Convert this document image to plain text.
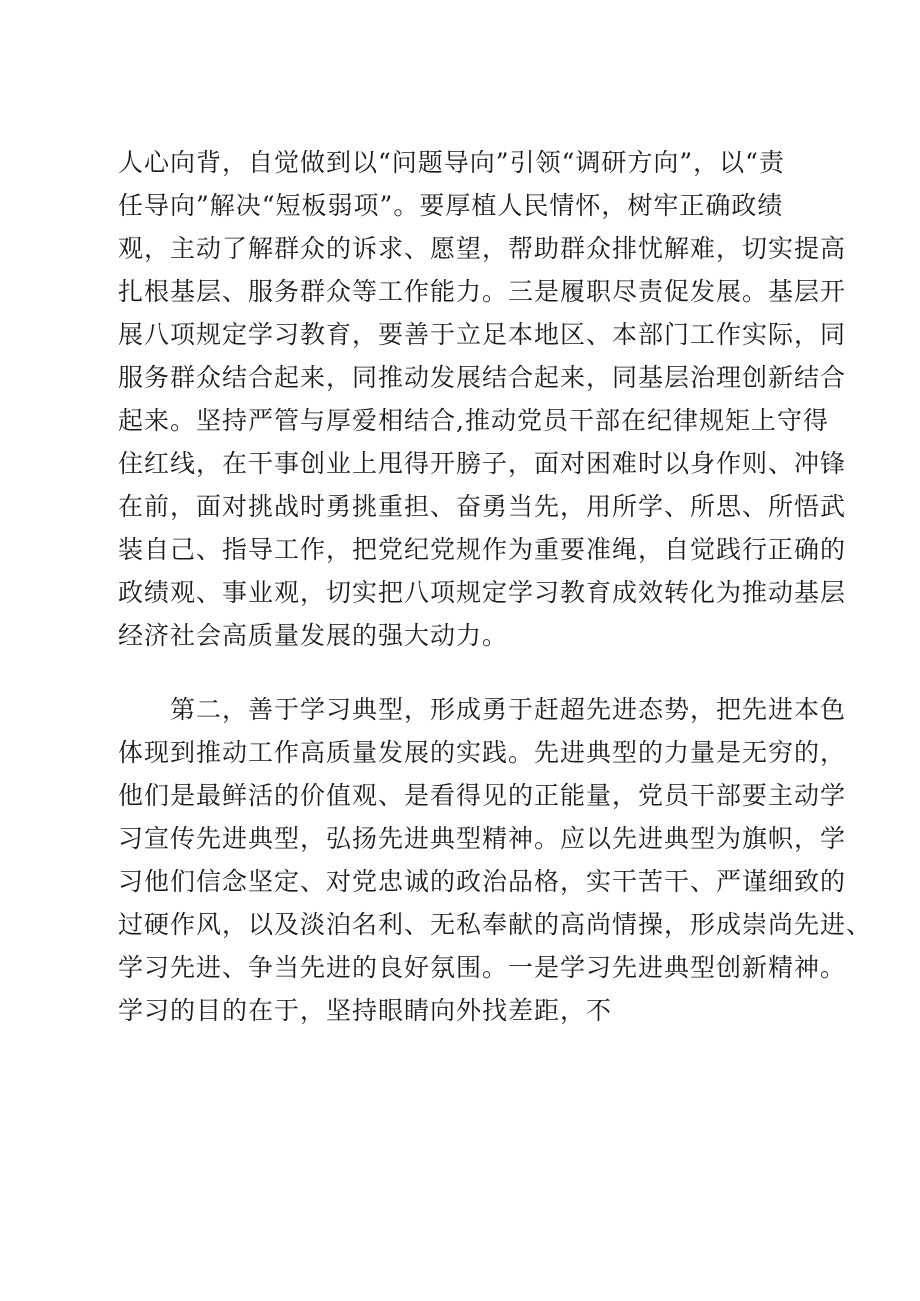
人心向背，自觉做到以“问题导向”引领“调研方向”，以“责
任导向”解决“短板弱项”。要厚植人民情怀，树牢正确政绩
观，主动了解群众的诉求、愿望，帮助群众排忧解难，切实提高
扎根基层、服务群众等工作能力。三是履职尽责促发展。基层开
展八项规定学习教育，要善于立足本地区、本部门工作实际，同
服务群众结合起来，同推动发展结合起来，同基层治理创新结合
起来。坚持严管与厚爱相结合,推动党员干部在纪律规矩上守得
住红线，在干事创业上甩得开膀子，面对困难时以身作则、冲锋
在前，面对挑战时勇挑重担、奋勇当先，用所学、所思、所悟武
装自己、指导工作，把党纪党规作为重要准绳，自觉践行正确的
政绩观、事业观，切实把八项规定学习教育成效转化为推动基层
经济社会高质量发展的强大动力。
　　第二，善于学习典型，形成勇于赶超先进态势，把先进本色
体现到推动工作高质量发展的实践。先进典型的力量是无穷的，
他们是最鲜活的价值观、是看得见的正能量，党员干部要主动学
习宣传先进典型，弘扬先进典型精神。应以先进典型为旗帜，学
习他们信念坚定、对党忠诚的政治品格，实干苦干、严谨细致的
过硬作风，以及淡泊名利、无私奉献的高尚情操，形成崇尚先进、
学习先进、争当先进的良好氛围。一是学习先进典型创新精神。
学习的目的在于，坚持眼睛向外找差距，不
